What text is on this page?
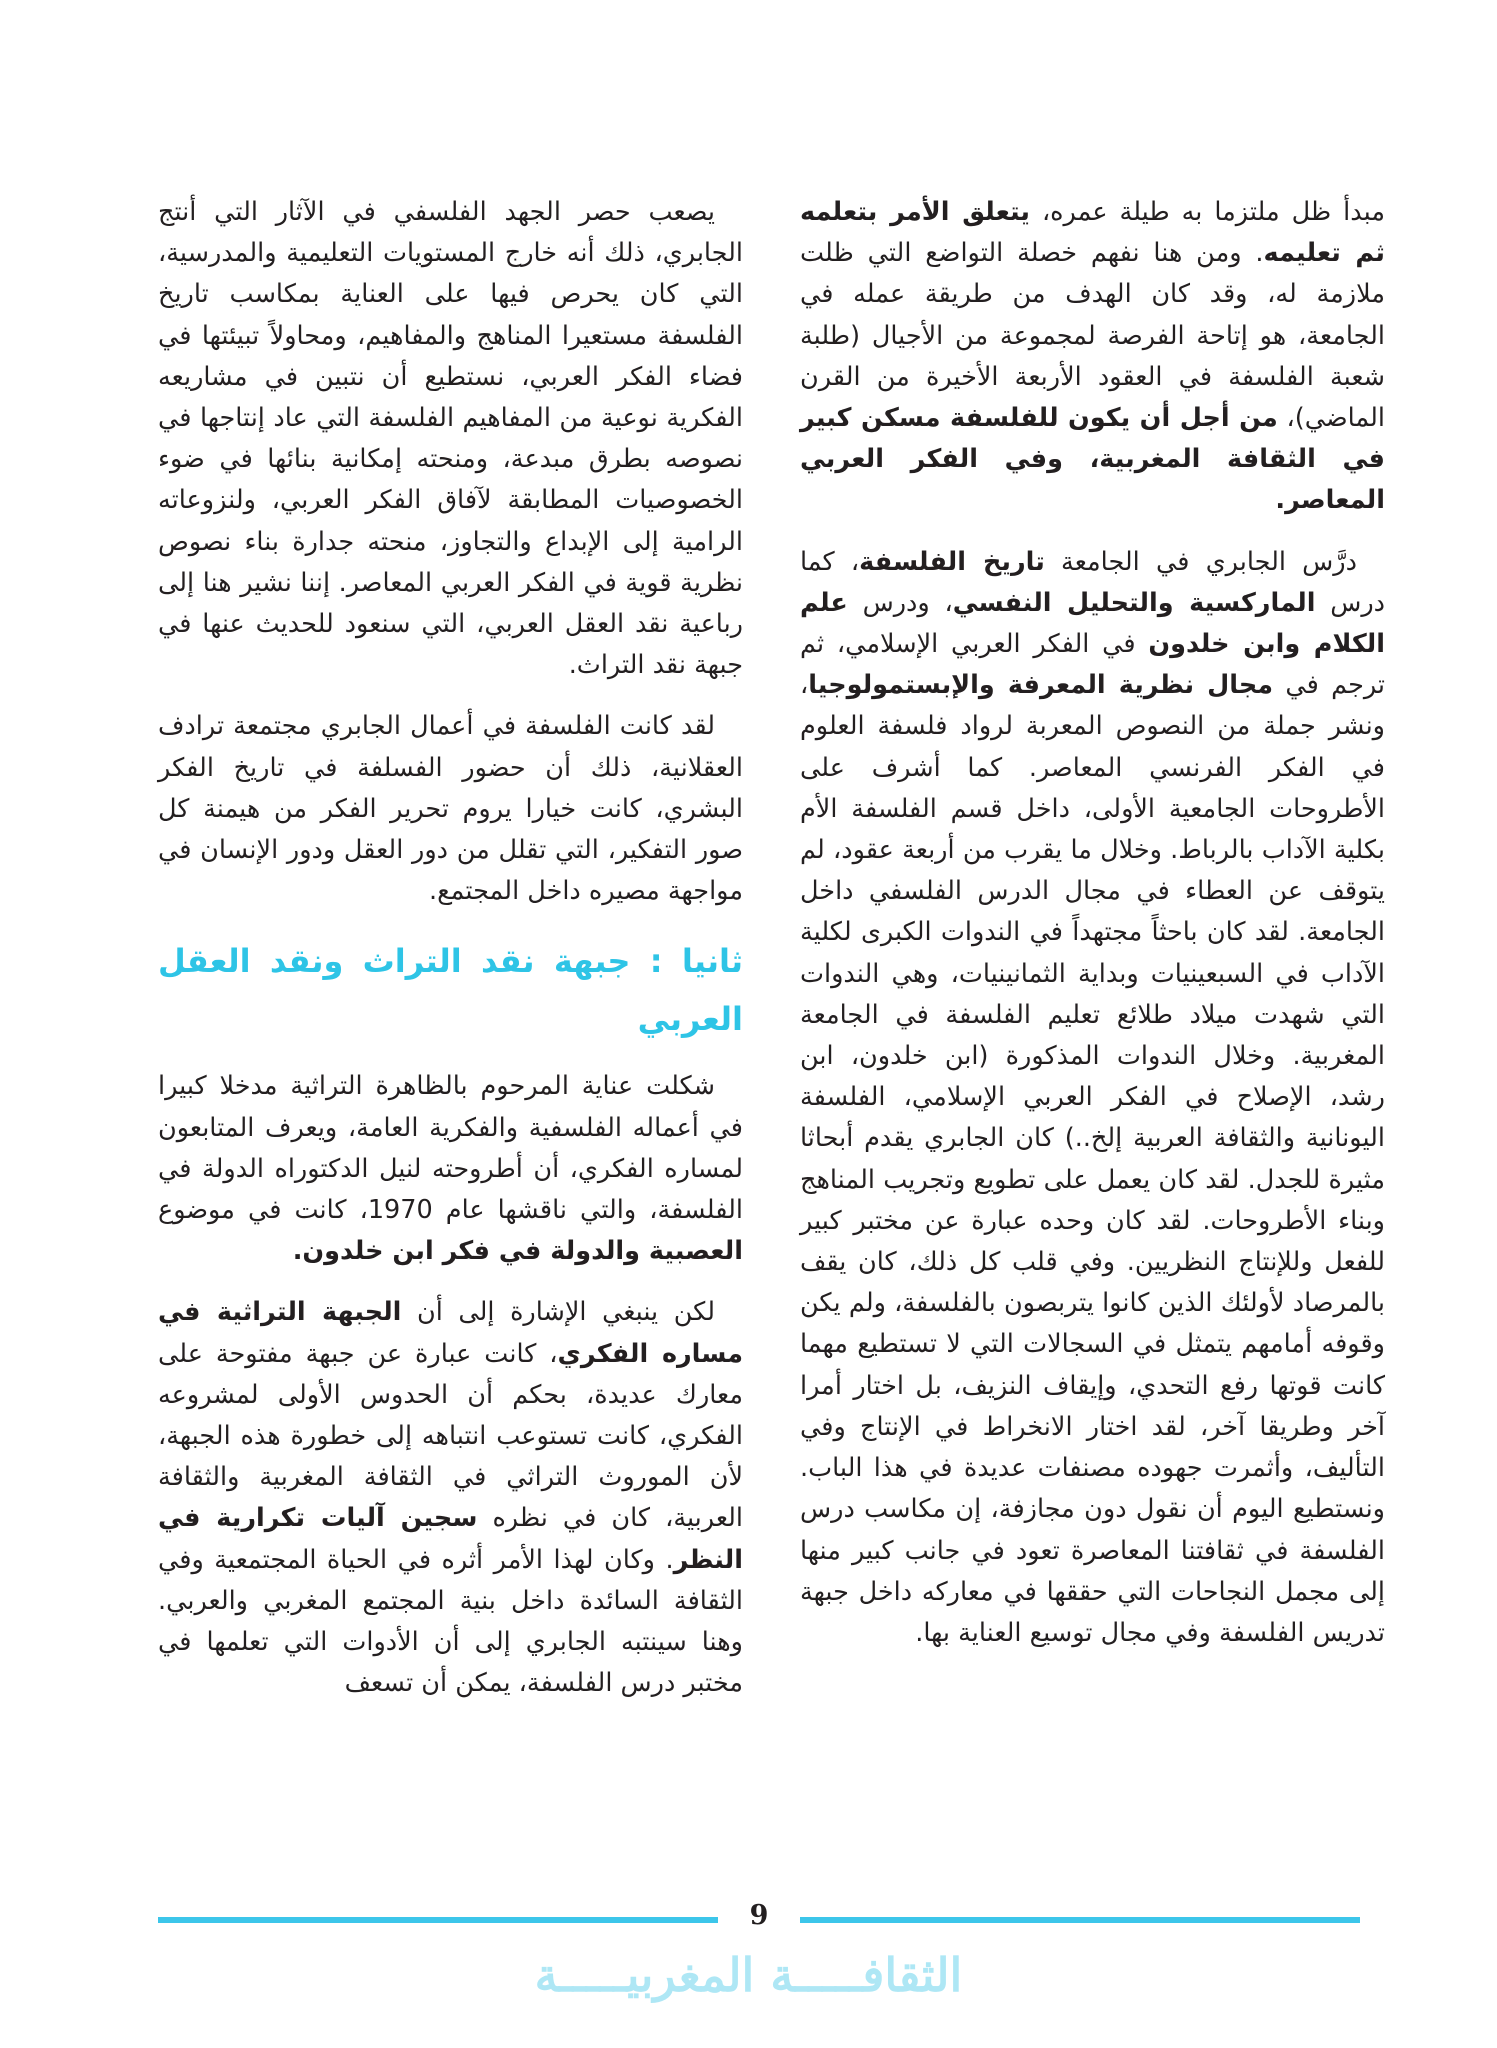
مبدأ ظل ملتزما به طيلة عمره، يتعلق الأمر بتعلمه ثم تعليمه. ومن هنا نفهم خصلة التواضع التي ظلت ملازمة له، وقد كان الهدف من طريقة عمله في الجامعة، هو إتاحة الفرصة لمجموعة من الأجيال (طلبة شعبة الفلسفة في العقود الأربعة الأخيرة من القرن الماضي)، من أجل أن يكون للفلسفة مسكن كبير في الثقافة المغربية، وفي الفكر العربي المعاصر.

درَّس الجابري في الجامعة تاريخ الفلسفة، كما درس الماركسية والتحليل النفسي، ودرس علم الكلام وابن خلدون في الفكر العربي الإسلامي، ثم ترجم في مجال نظرية المعرفة والإبستمولوجيا، ونشر جملة من النصوص المعربة لرواد فلسفة العلوم في الفكر الفرنسي المعاصر. كما أشرف على الأطروحات الجامعية الأولى، داخل قسم الفلسفة الأم بكلية الآداب بالرباط. وخلال ما يقرب من أربعة عقود، لم يتوقف عن العطاء في مجال الدرس الفلسفي داخل الجامعة. لقد كان باحثاً مجتهداً في الندوات الكبرى لكلية الآداب في السبعينيات وبداية الثمانينيات، وهي الندوات التي شهدت ميلاد طلائع تعليم الفلسفة في الجامعة المغربية. وخلال الندوات المذكورة (ابن خلدون، ابن رشد، الإصلاح في الفكر العربي الإسلامي، الفلسفة اليونانية والثقافة العربية إلخ..) كان الجابري يقدم أبحاثا مثيرة للجدل. لقد كان يعمل على تطويع وتجريب المناهج وبناء الأطروحات. لقد كان وحده عبارة عن مختبر كبير للفعل وللإنتاج النظريين. وفي قلب كل ذلك، كان يقف بالمرصاد لأولئك الذين كانوا يتربصون بالفلسفة، ولم يكن وقوفه أمامهم يتمثل في السجالات التي لا تستطيع مهما كانت قوتها رفع التحدي، وإيقاف النزيف، بل اختار أمرا آخر وطريقا آخر، لقد اختار الانخراط في الإنتاج وفي التأليف، وأثمرت جهوده مصنفات عديدة في هذا الباب. ونستطيع اليوم أن نقول دون مجازفة، إن مكاسب درس الفلسفة في ثقافتنا المعاصرة تعود في جانب كبير منها إلى مجمل النجاحات التي حققها في معاركه داخل جبهة تدريس الفلسفة وفي مجال توسيع العناية بها.

يصعب حصر الجهد الفلسفي في الآثار التي أنتج الجابري، ذلك أنه خارج المستويات التعليمية والمدرسية، التي كان يحرص فيها على العناية بمكاسب تاريخ الفلسفة مستعيرا المناهج والمفاهيم، ومحاولاً تبيئتها في فضاء الفكر العربي، نستطيع أن نتبين في مشاريعه الفكرية نوعية من المفاهيم الفلسفة التي عاد إنتاجها في نصوصه بطرق مبدعة، ومنحته إمكانية بنائها في ضوء الخصوصيات المطابقة لآفاق الفكر العربي، ولنزوعاته الرامية إلى الإبداع والتجاوز، منحته جدارة بناء نصوص نظرية قوية في الفكر العربي المعاصر. إننا نشير هنا إلى رباعية نقد العقل العربي، التي سنعود للحديث عنها في جبهة نقد التراث.

لقد كانت الفلسفة في أعمال الجابري مجتمعة ترادف العقلانية، ذلك أن حضور الفسلفة في تاريخ الفكر البشري، كانت خيارا يروم تحرير الفكر من هيمنة كل صور التفكير، التي تقلل من دور العقل ودور الإنسان في مواجهة مصيره داخل المجتمع.

ثانيا : جبهة نقد التراث ونقد العقل العربي

شكلت عناية المرحوم بالظاهرة التراثية مدخلا كبيرا في أعماله الفلسفية والفكرية العامة، ويعرف المتابعون لمساره الفكري، أن أطروحته لنيل الدكتوراه الدولة في الفلسفة، والتي ناقشها عام 1970، كانت في موضوع العصبية والدولة في فكر ابن خلدون.

لكن ينبغي الإشارة إلى أن الجبهة التراثية في مساره الفكري، كانت عبارة عن جبهة مفتوحة على معارك عديدة، بحكم أن الحدوس الأولى لمشروعه الفكري، كانت تستوعب انتباهه إلى خطورة هذه الجبهة، لأن الموروث التراثي في الثقافة المغربية والثقافة العربية، كان في نظره سجين آليات تكرارية في النظر. وكان لهذا الأمر أثره في الحياة المجتمعية وفي الثقافة السائدة داخل بنية المجتمع المغربي والعربي. وهنا سينتبه الجابري إلى أن الأدوات التي تعلمها في مختبر درس الفلسفة، يمكن أن تسعف

9
الثقافـــــة المغربيـــــة
